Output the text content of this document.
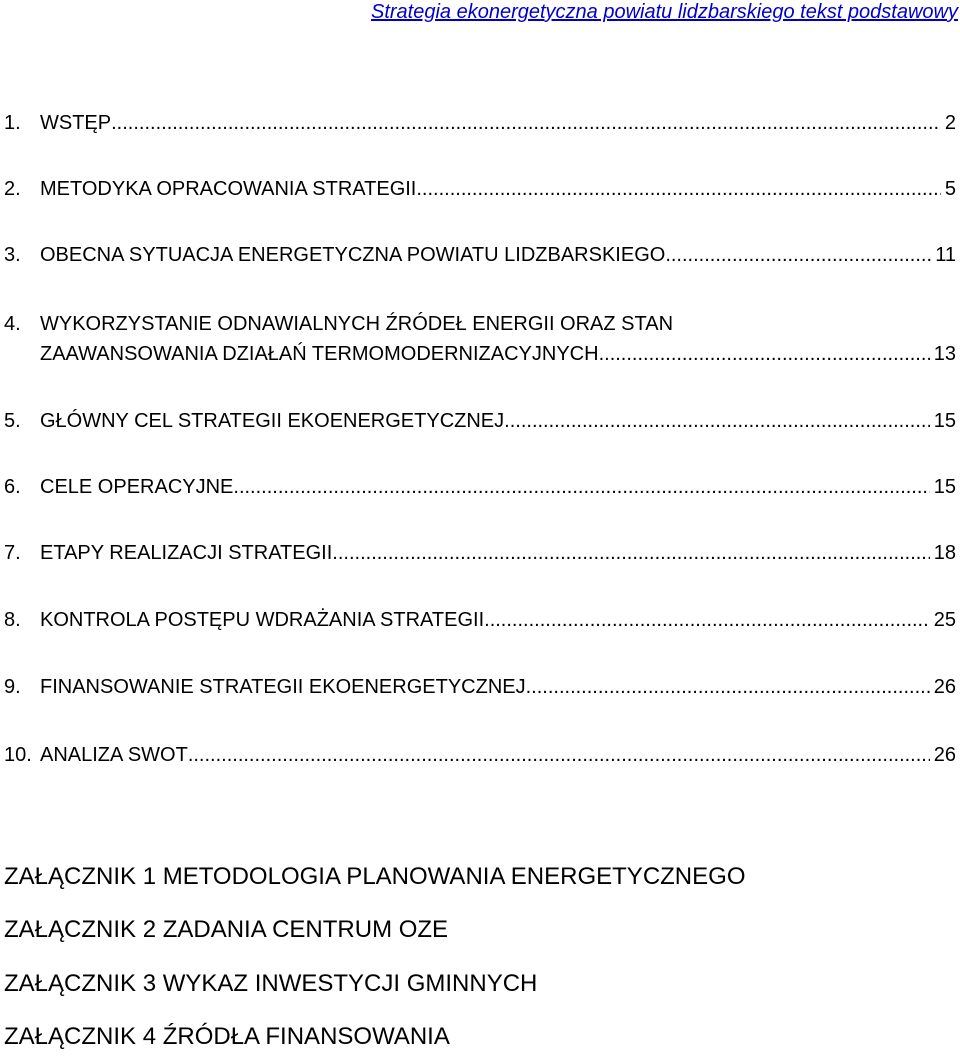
Strategia ekonergetyczna powiatu lidzbarskiego tekst podstawowy
1. WSTĘP .....	2
2. METODYKA OPRACOWANIA STRATEGII .....	5
3. OBECNA SYTUACJA ENERGETYCZNA POWIATU LIDZBARSKIEGO .....	11
4. WYKORZYSTANIE ODNAWIALNYCH ŹRÓDEŁ ENERGII ORAZ STAN
ZAAWANSOWANIA DZIAŁAŃ TERMOMODERNIZACYJNYCH .....	13
5. GŁÓWNY CEL STRATEGII EKOENERGETYCZNEJ .....	15
6. CELE OPERACYJNE .....	15
7. ETAPY REALIZACJI STRATEGII .....	18
8. KONTROLA POSTĘPU WDRAŻANIA STRATEGII .....	25
9. FINANSOWANIE STRATEGII EKOENERGETYCZNEJ .....	26
10. ANALIZA SWOT .....	26
ZAŁĄCZNIK 1 METODOLOGIA PLANOWANIA ENERGETYCZNEGO
ZAŁĄCZNIK 2 ZADANIA CENTRUM OZE
ZAŁĄCZNIK 3 WYKAZ INWESTYCJI GMINNYCH
ZAŁĄCZNIK 4 ŹRÓDŁA FINANSOWANIA
